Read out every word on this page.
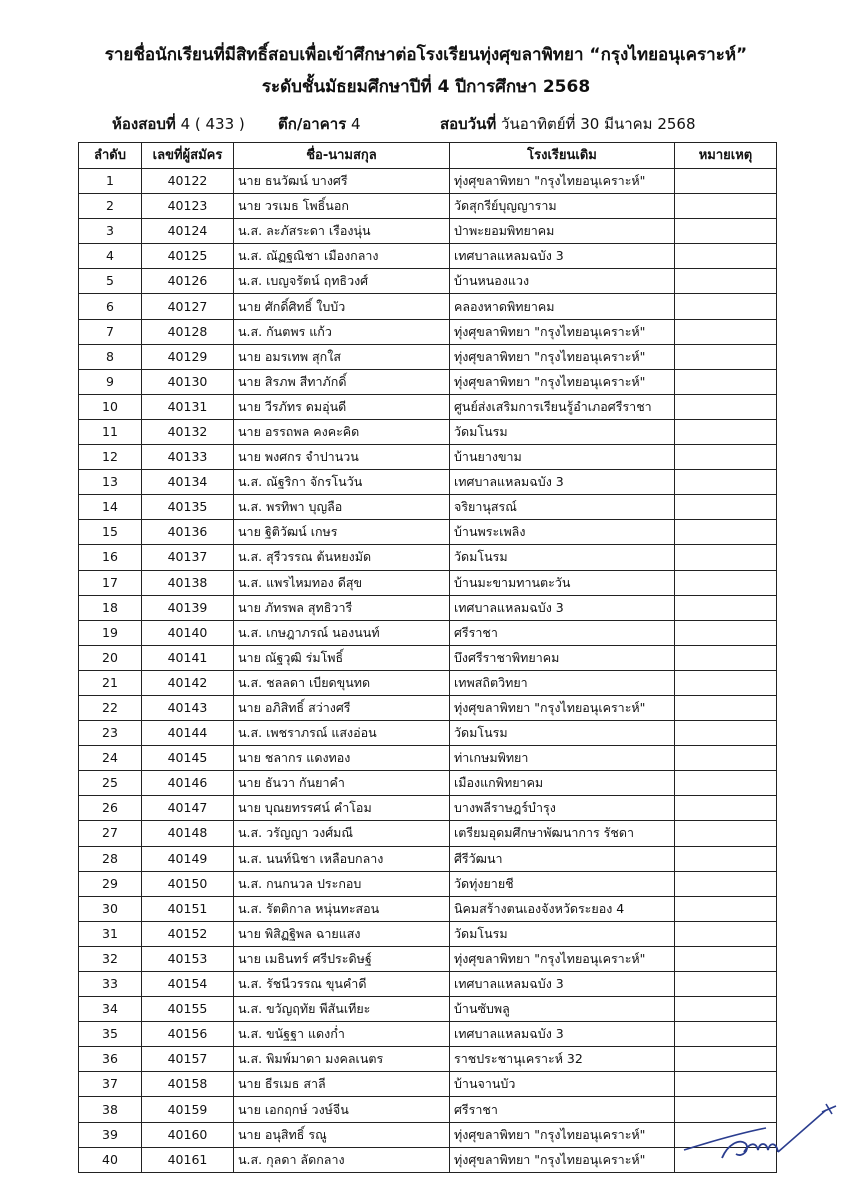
รายชื่อนักเรียนที่มีสิทธิ์สอบเพื่อเข้าศึกษาต่อโรงเรียนทุ่งศุขลาพิทยา “กรุงไทยอนุเคราะห์”
ระดับชั้นมัธยมศึกษาปีที่ 4 ปีการศึกษา 2568
ห้องสอบที่ 4 ( 433 ) ตึก/อาคาร 4	สอบวันที่ วันอาทิตย์ที่ 30 มีนาคม 2568
ลำดับ	เลขที่ผู้สมัคร	ชื่อ-นามสกุล	โรงเรียนเดิม	หมายเหตุ
1	40122	นาย ธนวัฒน์ บางศรี	ทุ่งศุขลาพิทยา "กรุงไทยอนุเคราะห์"	
2	40123	นาย วรเมธ โพธิ์นอก	วัดสุกรีย์บุญญาราม	
3	40124	น.ส. ละภัสระดา เรืองนุ่น	ป่าพะยอมพิทยาคม	
4	40125	น.ส. ณัฏฐณิชา เมืองกลาง	เทศบาลแหลมฉบัง 3	
5	40126	น.ส. เบญจรัตน์ ฤทธิวงศ์	บ้านหนองแวง	
6	40127	นาย ศักดิ์ศิทธิ์ ใบบัว	คลองหาดพิทยาคม	
7	40128	น.ส. กันตพร แก้ว	ทุ่งศุขลาพิทยา "กรุงไทยอนุเคราะห์"	
8	40129	นาย อมรเทพ สุกใส	ทุ่งศุขลาพิทยา "กรุงไทยอนุเคราะห์"	
9	40130	นาย สิรภพ สีทาภักดิ์	ทุ่งศุขลาพิทยา "กรุงไทยอนุเคราะห์"	
10	40131	นาย วีรภัทร ดมอุ่นดี	ศูนย์ส่งเสริมการเรียนรู้อำเภอศรีราชา	
11	40132	นาย อรรถพล คงคะคิด	วัดมโนรม	
12	40133	นาย พงศกร จำปานวน	บ้านยางขาม	
13	40134	น.ส. ณัฐริกา จักรโนวัน	เทศบาลแหลมฉบัง 3	
14	40135	น.ส. พรทิพา บุญลือ	จริยานุสรณ์	
15	40136	นาย ฐิติวัฒน์ เกษร	บ้านพระเพลิง	
16	40137	น.ส. สุรีวรรณ ต้นหยงมัด	วัดมโนรม	
17	40138	น.ส. แพรไหมทอง ดีสุข	บ้านมะขามทานตะวัน	
18	40139	นาย ภัทรพล สุทธิวารี	เทศบาลแหลมฉบัง 3	
19	40140	น.ส. เกษฎาภรณ์ นองนนท์	ศรีราชา	
20	40141	นาย ณัฐวุฒิ ร่มโพธิ์	บึงศรีราชาพิทยาคม	
21	40142	น.ส. ชลลดา เบียดขุนทด	เทพสถิตวิทยา	
22	40143	นาย อภิสิทธิ์ สว่างศรี	ทุ่งศุขลาพิทยา "กรุงไทยอนุเคราะห์"	
23	40144	น.ส. เพชราภรณ์ แสงอ่อน	วัดมโนรม	
24	40145	นาย ชลากร แดงทอง	ท่าเกษมพิทยา	
25	40146	นาย ธันวา กันยาคำ	เมืองแกพิทยาคม	
26	40147	นาย บุณยทรรศน์ คำโอม	บางพลีราษฎร์บำรุง	
27	40148	น.ส. วรัญญา วงศ์มณี	เตรียมอุดมศึกษาพัฒนาการ รัชดา	
28	40149	น.ส. นนท์นิชา เหลือบกลาง	ศีรีวัฒนา	
29	40150	น.ส. กนกนวล ประกอบ	วัดทุ่งยายชี	
30	40151	น.ส. รัตติกาล หนุ่นทะสอน	นิคมสร้างตนเองจังหวัดระยอง 4	
31	40152	นาย พิสิฏฐิพล ฉายแสง	วัดมโนรม	
32	40153	นาย เมธินทร์ ศรีประดิษฐ์	ทุ่งศุขลาพิทยา "กรุงไทยอนุเคราะห์"	
33	40154	น.ส. รัชนีวรรณ ขุนคำดี	เทศบาลแหลมฉบัง 3	
34	40155	น.ส. ขวัญฤทัย พีสันเทียะ	บ้านซับพลู	
35	40156	น.ส. ขนัฐฐา แดงก่ำ	เทศบาลแหลมฉบัง 3	
36	40157	น.ส. พิมพ์มาดา มงคลเนตร	ราชประชานุเคราะห์ 32	
37	40158	นาย ธีรเมธ สาลี	บ้านจานบัว	
38	40159	นาย เอกฤกษ์ วงษ์จีน	ศรีราชา	
39	40160	นาย อนุสิทธิ์ รณู	ทุ่งศุขลาพิทยา "กรุงไทยอนุเคราะห์"	
40	40161	น.ส. กุลดา ลัดกลาง	ทุ่งศุขลาพิทยา "กรุงไทยอนุเคราะห์"	
